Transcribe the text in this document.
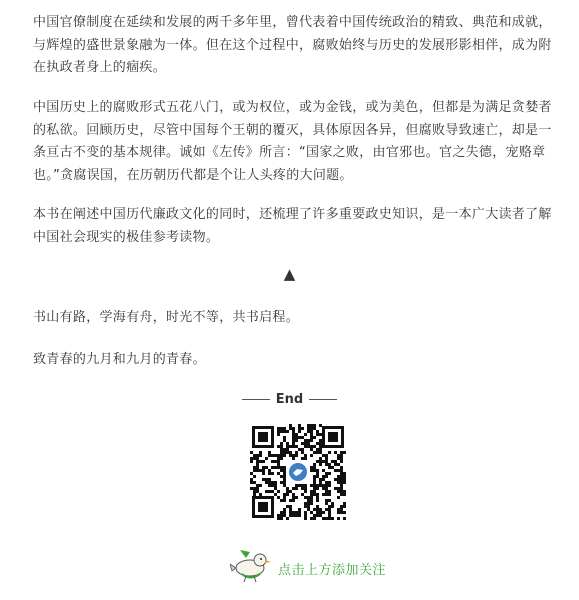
中国官僚制度在延续和发展的两千多年里，曾代表着中国传统政治的精致、典范和成就，与辉煌的盛世景象融为一体。但在这个过程中，腐败始终与历史的发展形影相伴，成为附在执政者身上的痼疾。

中国历史上的腐败形式五花八门，或为权位，或为金钱，或为美色，但都是为满足贪婪者的私欲。回顾历史，尽管中国每个王朝的覆灭，具体原因各异，但腐败导致速亡，却是一条亘古不变的基本规律。诚如《左传》所言：“国家之败，由官邪也。官之失德，宠赂章也。”贪腐误国，在历朝历代都是个让人头疼的大问题。

本书在阐述中国历代廉政文化的同时，还梳理了许多重要政史知识，是一本广大读者了解中国社会现实的极佳参考读物。

▲

书山有路，学海有舟，时光不等，共书启程。

致青春的九月和九月的青春。

End
点击上方添加关注
